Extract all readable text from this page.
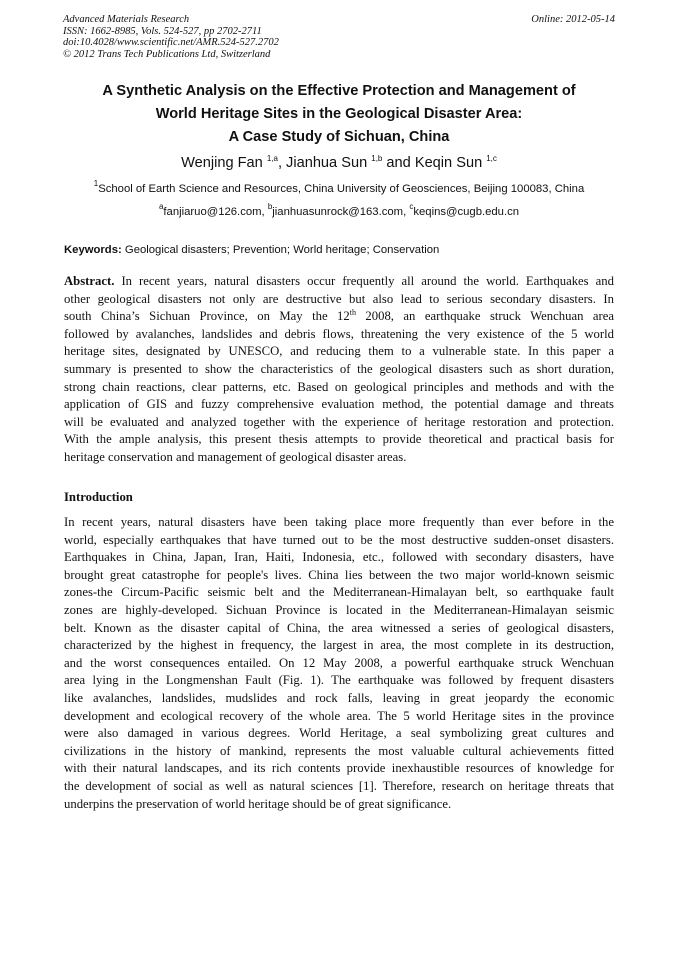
Advanced Materials Research
ISSN: 1662-8985, Vols. 524-527, pp 2702-2711
doi:10.4028/www.scientific.net/AMR.524-527.2702
© 2012 Trans Tech Publications Ltd, Switzerland
Online: 2012-05-14
A Synthetic Analysis on the Effective Protection and Management of
World Heritage Sites in the Geological Disaster Area:
A Case Study of Sichuan, China
Wenjing Fan $^{1,a}$, Jianhua Sun $^{1,b}$ and Keqin Sun $^{1,c}$
$^1$School of Earth Science and Resources, China University of Geosciences, Beijing 100083, China
$^a$fanjiaruo@126.com, $^b$jianhuasunrock@163.com, $^c$keqins@cugb.edu.cn
Keywords: Geological disasters; Prevention; World heritage; Conservation
Abstract. In recent years, natural disasters occur frequently all around the world. Earthquakes and
other geological disasters not only are destructive but also lead to serious secondary disasters. In
south China’s Sichuan Province, on May the 12th 2008, an earthquake struck Wenchuan area
followed by avalanches, landslides and debris flows, threatening the very existence of the 5 world
heritage sites, designated by UNESCO, and reducing them to a vulnerable state. In this paper a
summary is presented to show the characteristics of the geological disasters such as short duration,
strong chain reactions, clear patterns, etc. Based on geological principles and methods and with the
application of GIS and fuzzy comprehensive evaluation method, the potential damage and threats
will be evaluated and analyzed together with the experience of heritage restoration and protection.
With the ample analysis, this present thesis attempts to provide theoretical and practical basis for
heritage conservation and management of geological disaster areas.
Introduction
In recent years, natural disasters have been taking place more frequently than ever before in the
world, especially earthquakes that have turned out to be the most destructive sudden-onset disasters.
Earthquakes in China, Japan, Iran, Haiti, Indonesia, etc., followed with secondary disasters, have
brought great catastrophe for people's lives. China lies between the two major world-known seismic
zones-the Circum-Pacific seismic belt and the Mediterranean-Himalayan belt, so earthquake fault
zones are highly-developed. Sichuan Province is located in the Mediterranean-Himalayan seismic
belt. Known as the disaster capital of China, the area witnessed a series of geological disasters,
characterized by the highest in frequency, the largest in area, the most complete in its destruction,
and the worst consequences entailed. On 12 May 2008, a powerful earthquake struck Wenchuan
area lying in the Longmenshan Fault (Fig. 1). The earthquake was followed by frequent disasters
like avalanches, landslides, mudslides and rock falls, leaving in great jeopardy the economic
development and ecological recovery of the whole area. The 5 world Heritage sites in the province
were also damaged in various degrees. World Heritage, a seal symbolizing great cultures and
civilizations in the history of mankind, represents the most valuable cultural achievements fitted
with their natural landscapes, and its rich contents provide inexhaustible resources of knowledge for
the development of social as well as natural sciences [1]. Therefore, research on heritage threats that
underpins the preservation of world heritage should be of great significance.
